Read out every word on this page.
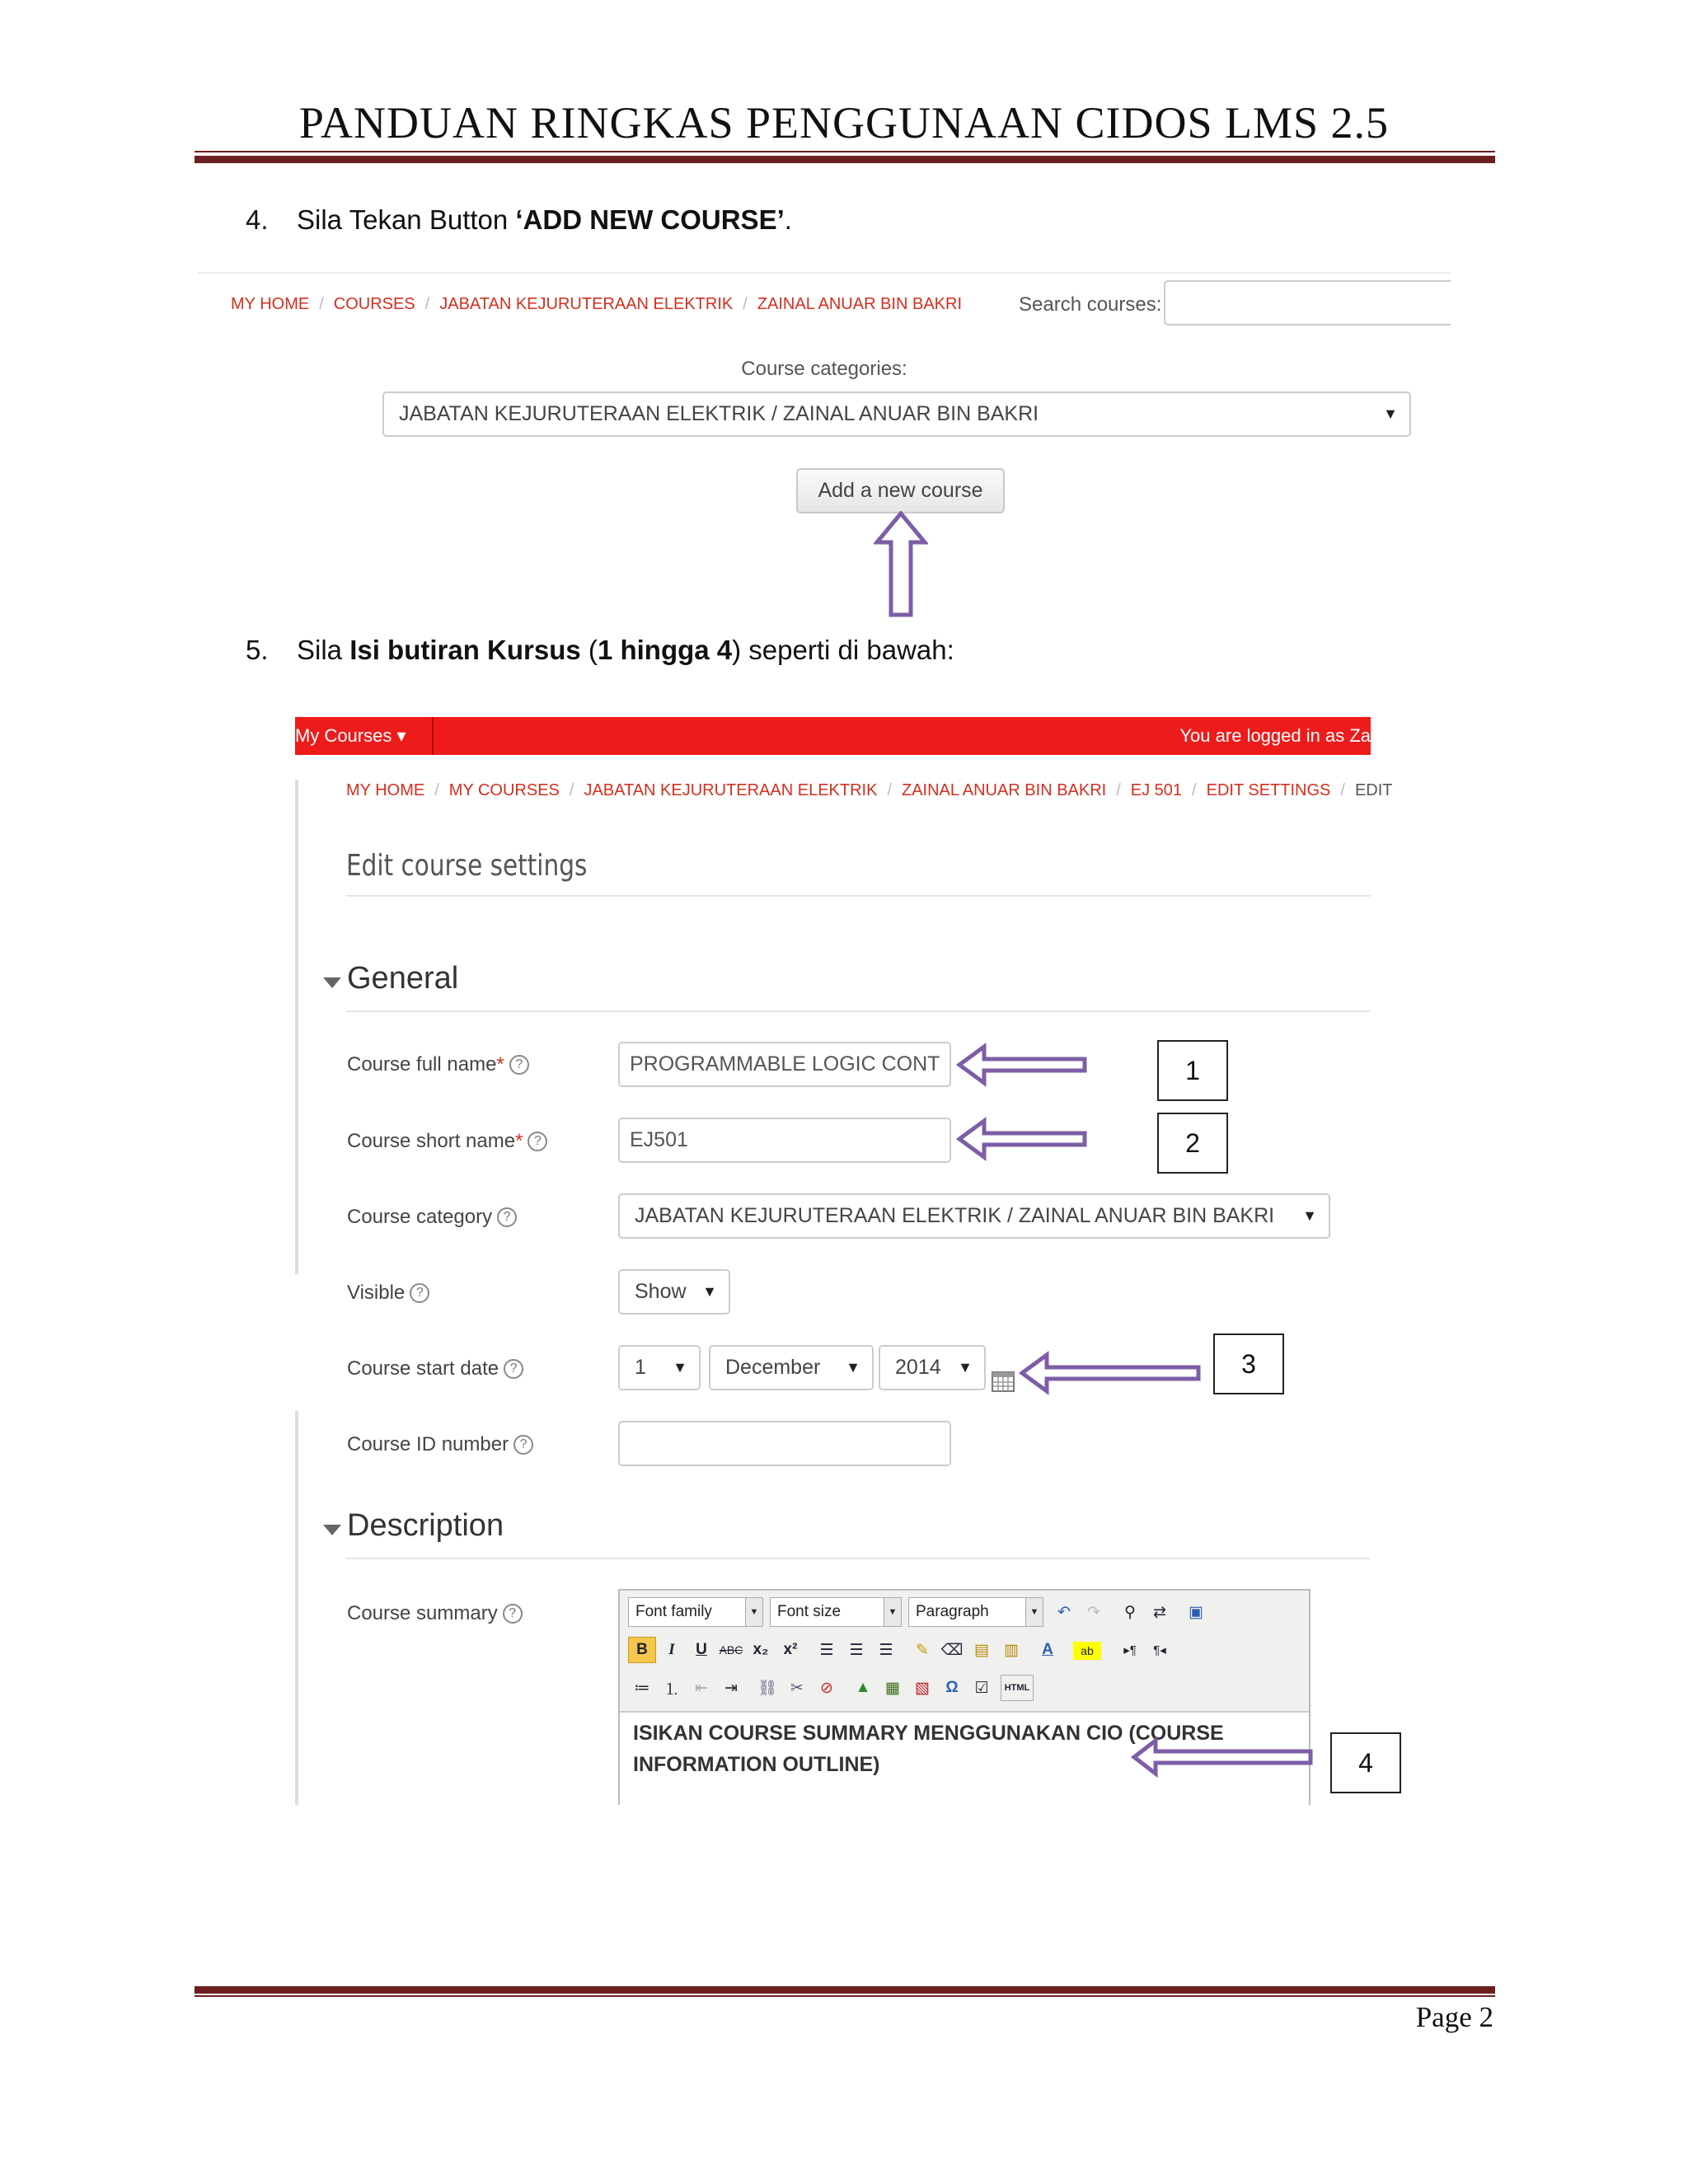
PANDUAN RINGKAS PENGGUNAAN CIDOS LMS 2.5
4. Sila Tekan Button ‘ADD NEW COURSE’.
MY HOME / COURSES / JABATAN KEJURUTERAAN ELEKTRIK / ZAINAL ANUAR BIN BAKRI	Search courses:
Course categories:
JABATAN KEJURUTERAAN ELEKTRIK / ZAINAL ANUAR BIN BAKRI	▼
Add a new course
5. Sila Isi butiran Kursus (1 hingga 4) seperti di bawah:
My Courses ▾	You are logged in as Za
MY HOME / MY COURSES / JABATAN KEJURUTERAAN ELEKTRIK / ZAINAL ANUAR BIN BAKRI / EJ 501 / EDIT SETTINGS / EDIT
Edit course settings
General
Course full name * ?	PROGRAMMABLE LOGIC CONT
Course short name * ?	EJ501
Course category ?	JABATAN KEJURUTERAAN ELEKTRIK / ZAINAL ANUAR BIN BAKRI ▼
Visible ?	Show ▼
Course start date ?	1 ▼ December ▼ 2014 ▼
Course ID number ?
Description
Course summary ?	Font family	▼ Font size	▼ Paragraph	▼	↶	↷	⚲	⇄	▣
B	I	U	ABC x₂ x²	☰ ☰ ☰	✎ ⌫ ▤ ▥	A	ab	▸¶	¶◂
≔ ⒈ ⇤	⇥	⛓ ✂	⊘	▲ ▦ ▧	Ω	☑	HTML
ISIKAN COURSE SUMMARY MENGGUNAKAN CIO (COURSE
INFORMATION OUTLINE)
1
2
3
4
Page 2
